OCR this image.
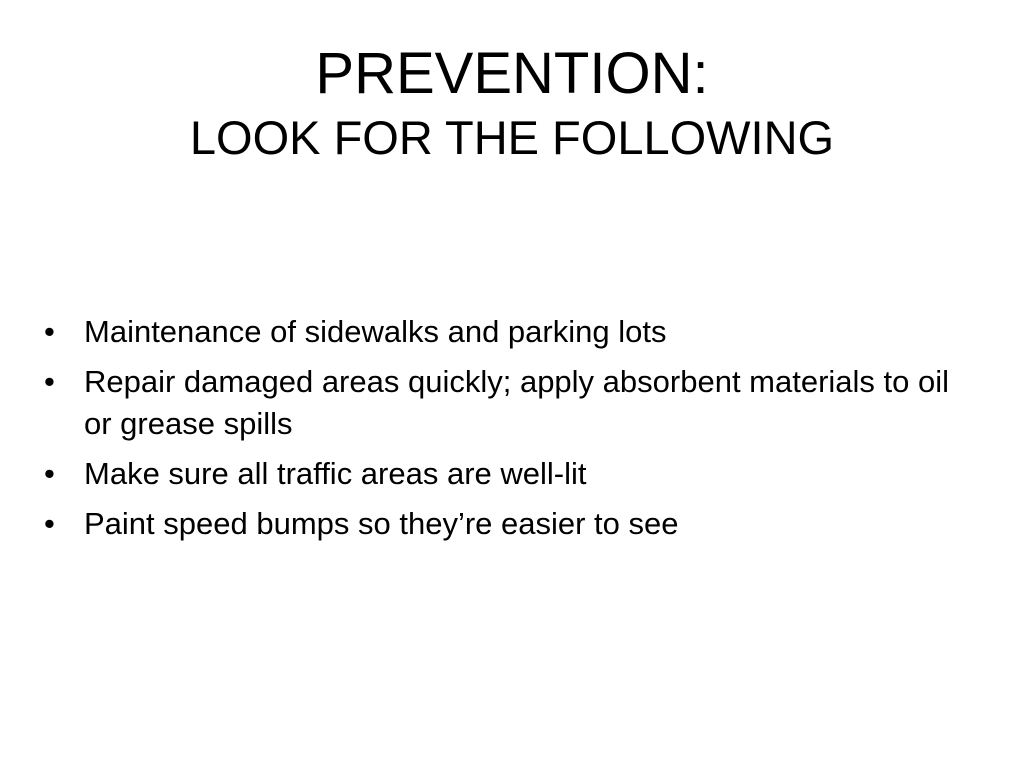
PREVENTION:
LOOK FOR THE FOLLOWING
• Maintenance of sidewalks and parking lots
• Repair damaged areas quickly; apply absorbent materials to oil or grease spills
• Make sure all traffic areas are well-lit
• Paint speed bumps so they’re easier to see
